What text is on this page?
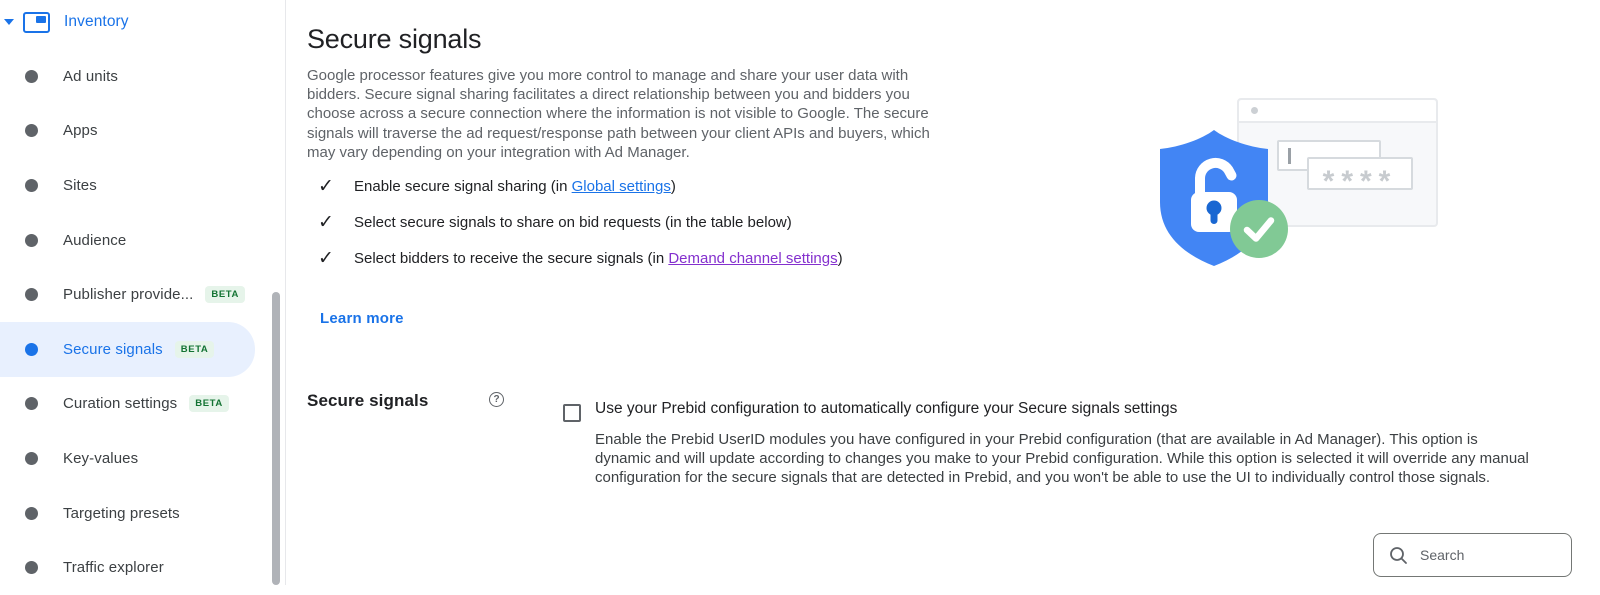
Inventory
Ad units
Apps
Sites
Audience
Publisher provide...	BETA
Secure signals	BETA
Curation settings	BETA
Key-values
Targeting presets
Traffic explorer
Secure signals

Google processor features give you more control to manage and share your user data with bidders. Secure signal sharing facilitates a direct relationship between you and bidders you choose across a secure connection where the information is not visible to Google. The secure signals will traverse the ad request/response path between your client APIs and buyers, which may vary depending on your integration with Ad Manager.

✓ Enable secure signal sharing (in Global settings)
✓ Select secure signals to share on bid requests (in the table below)
✓ Select bidders to receive the secure signals (in Demand channel settings)
Learn more
Secure signals	?
Use your Prebid configuration to automatically configure your Secure signals settings
Enable the Prebid UserID modules you have configured in your Prebid configuration (that are available in Ad Manager). This option is dynamic and will update according to changes you make to your Prebid configuration. While this option is selected it will override any manual configuration for the secure signals that are detected in Prebid, and you won't be able to use the UI to individually control those signals.
Search
****
